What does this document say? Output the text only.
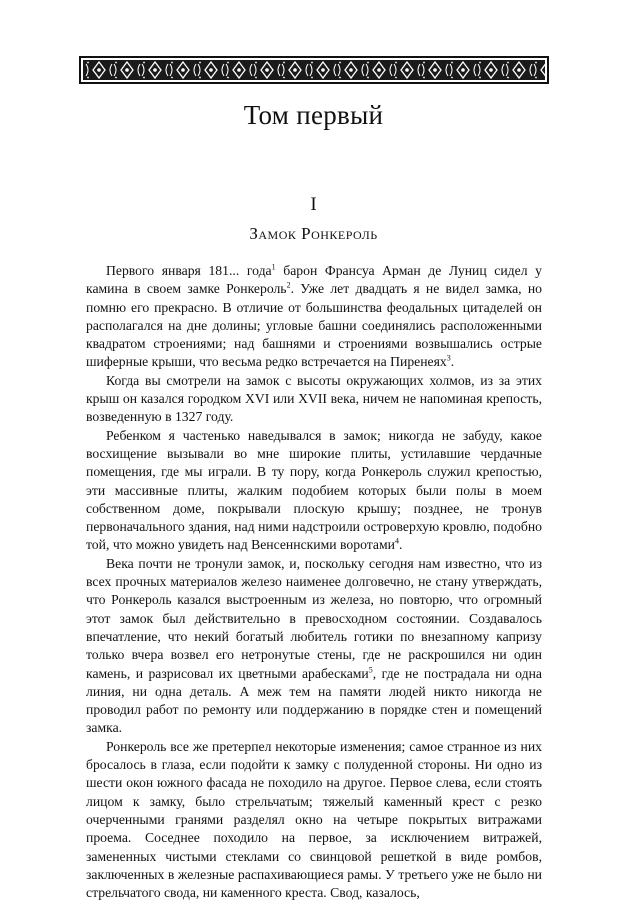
Том первый
I
Замок Ронкероль

Первого января 181... года$^1$ барон Франсуа Арман де Луниц сидел у камина в своем замке Ронкероль$^2$. Уже лет двадцать я не видел замка, но помню его прекрасно. В отличие от большинства феодальных цитаделей он располагался на дне долины; угловые башни соединялись расположенными квадратом строениями; над башнями и строениями возвышались острые шиферные крыши, что весьма редко встречается на Пиренеях$^3$.

Когда вы смотрели на замок с высоты окружающих холмов, из за этих крыш он казался городком XVI или XVII века, ничем не напоминая крепость, возведенную в 1327 году.

Ребенком я частенько наведывался в замок; никогда не забуду, какое восхищение вызывали во мне широкие плиты, устилавшие чердачные помещения, где мы играли. В ту пору, когда Ронкероль служил крепостью, эти массивные плиты, жалким подобием которых были полы в моем собственном доме, покрывали плоскую крышу; позднее, не тронув первоначального здания, над ними надстроили островерхую кровлю, подобно той, что можно увидеть над Венсеннскими воротами$^4$.

Века почти не тронули замок, и, поскольку сегодня нам известно, что из всех прочных материалов железо наименее долговечно, не стану утверждать, что Ронкероль казался выстроенным из железа, но повторю, что огромный этот замок был действительно в превосходном состоянии. Создавалось впечатление, что некий богатый любитель готики по внезапному капризу только вчера возвел его нетронутые стены, где не раскрошился ни один камень, и разрисовал их цветными арабесками$^5$, где не пострадала ни одна линия, ни одна деталь. А меж тем на памяти людей никто никогда не проводил работ по ремонту или поддержанию в порядке стен и помещений замка.

Ронкероль все же претерпел некоторые изменения; самое странное из них бросалось в глаза, если подойти к замку с полуденной стороны. Ни одно из шести окон южного фасада не походило на другое. Первое слева, если стоять лицом к замку, было стрельчатым; тяжелый каменный крест с резко очерченными гранями разделял окно на четыре покрытых витражами проема. Соседнее походило на первое, за исключением витражей, замененных чистыми стеклами со свинцовой решеткой в виде ромбов, заключенных в железные распахивающиеся рамы. У третьего уже не было ни стрельчатого свода, ни каменного креста. Свод, казалось,
